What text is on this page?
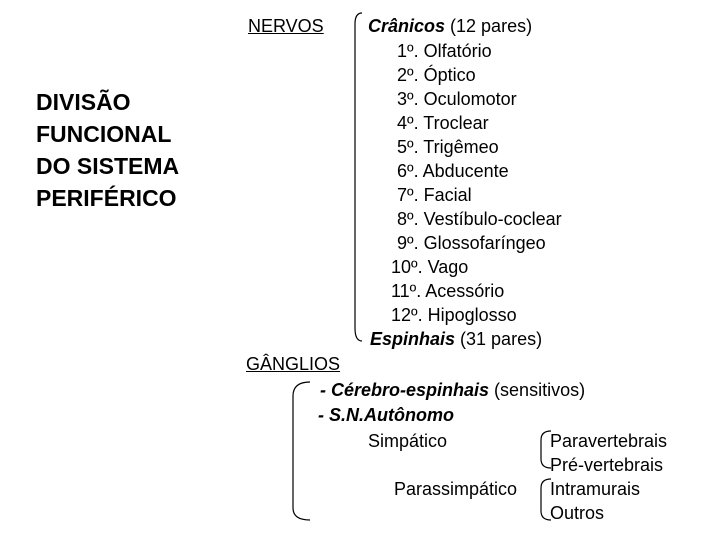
DIVISÃO
FUNCIONAL
DO SISTEMA
PERIFÉRICO
NERVOS Crânicos (12 pares)
1º. Olfatório
2º. Óptico
3º. Oculomotor
4º. Troclear
5º. Trigêmeo
6º. Abducente
7º. Facial
8º. Vestíbulo-coclear
9º. Glossofaríngeo
10º. Vago
11º. Acessório
12º. Hipoglosso
Espinhais (31 pares)
GÂNGLIOS
- Cérebro-espinhais (sensitivos)
- S.N.Autônomo
Simpático	Paravertebrais
Pré-vertebrais
Parassimpático Intramurais
Outros
